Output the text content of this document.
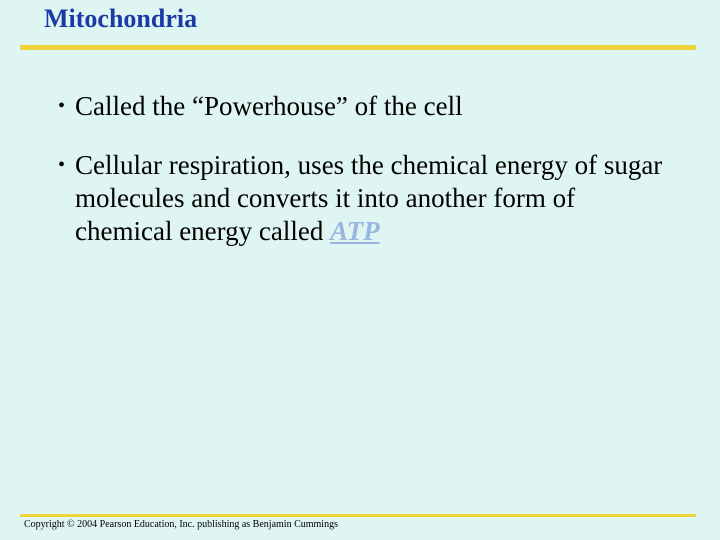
Mitochondria
• Called the “Powerhouse” of the cell
• Cellular respiration, uses the chemical energy of sugar molecules and converts it into another form of chemical energy called ATP
Copyright © 2004 Pearson Education, Inc. publishing as Benjamin Cummings
